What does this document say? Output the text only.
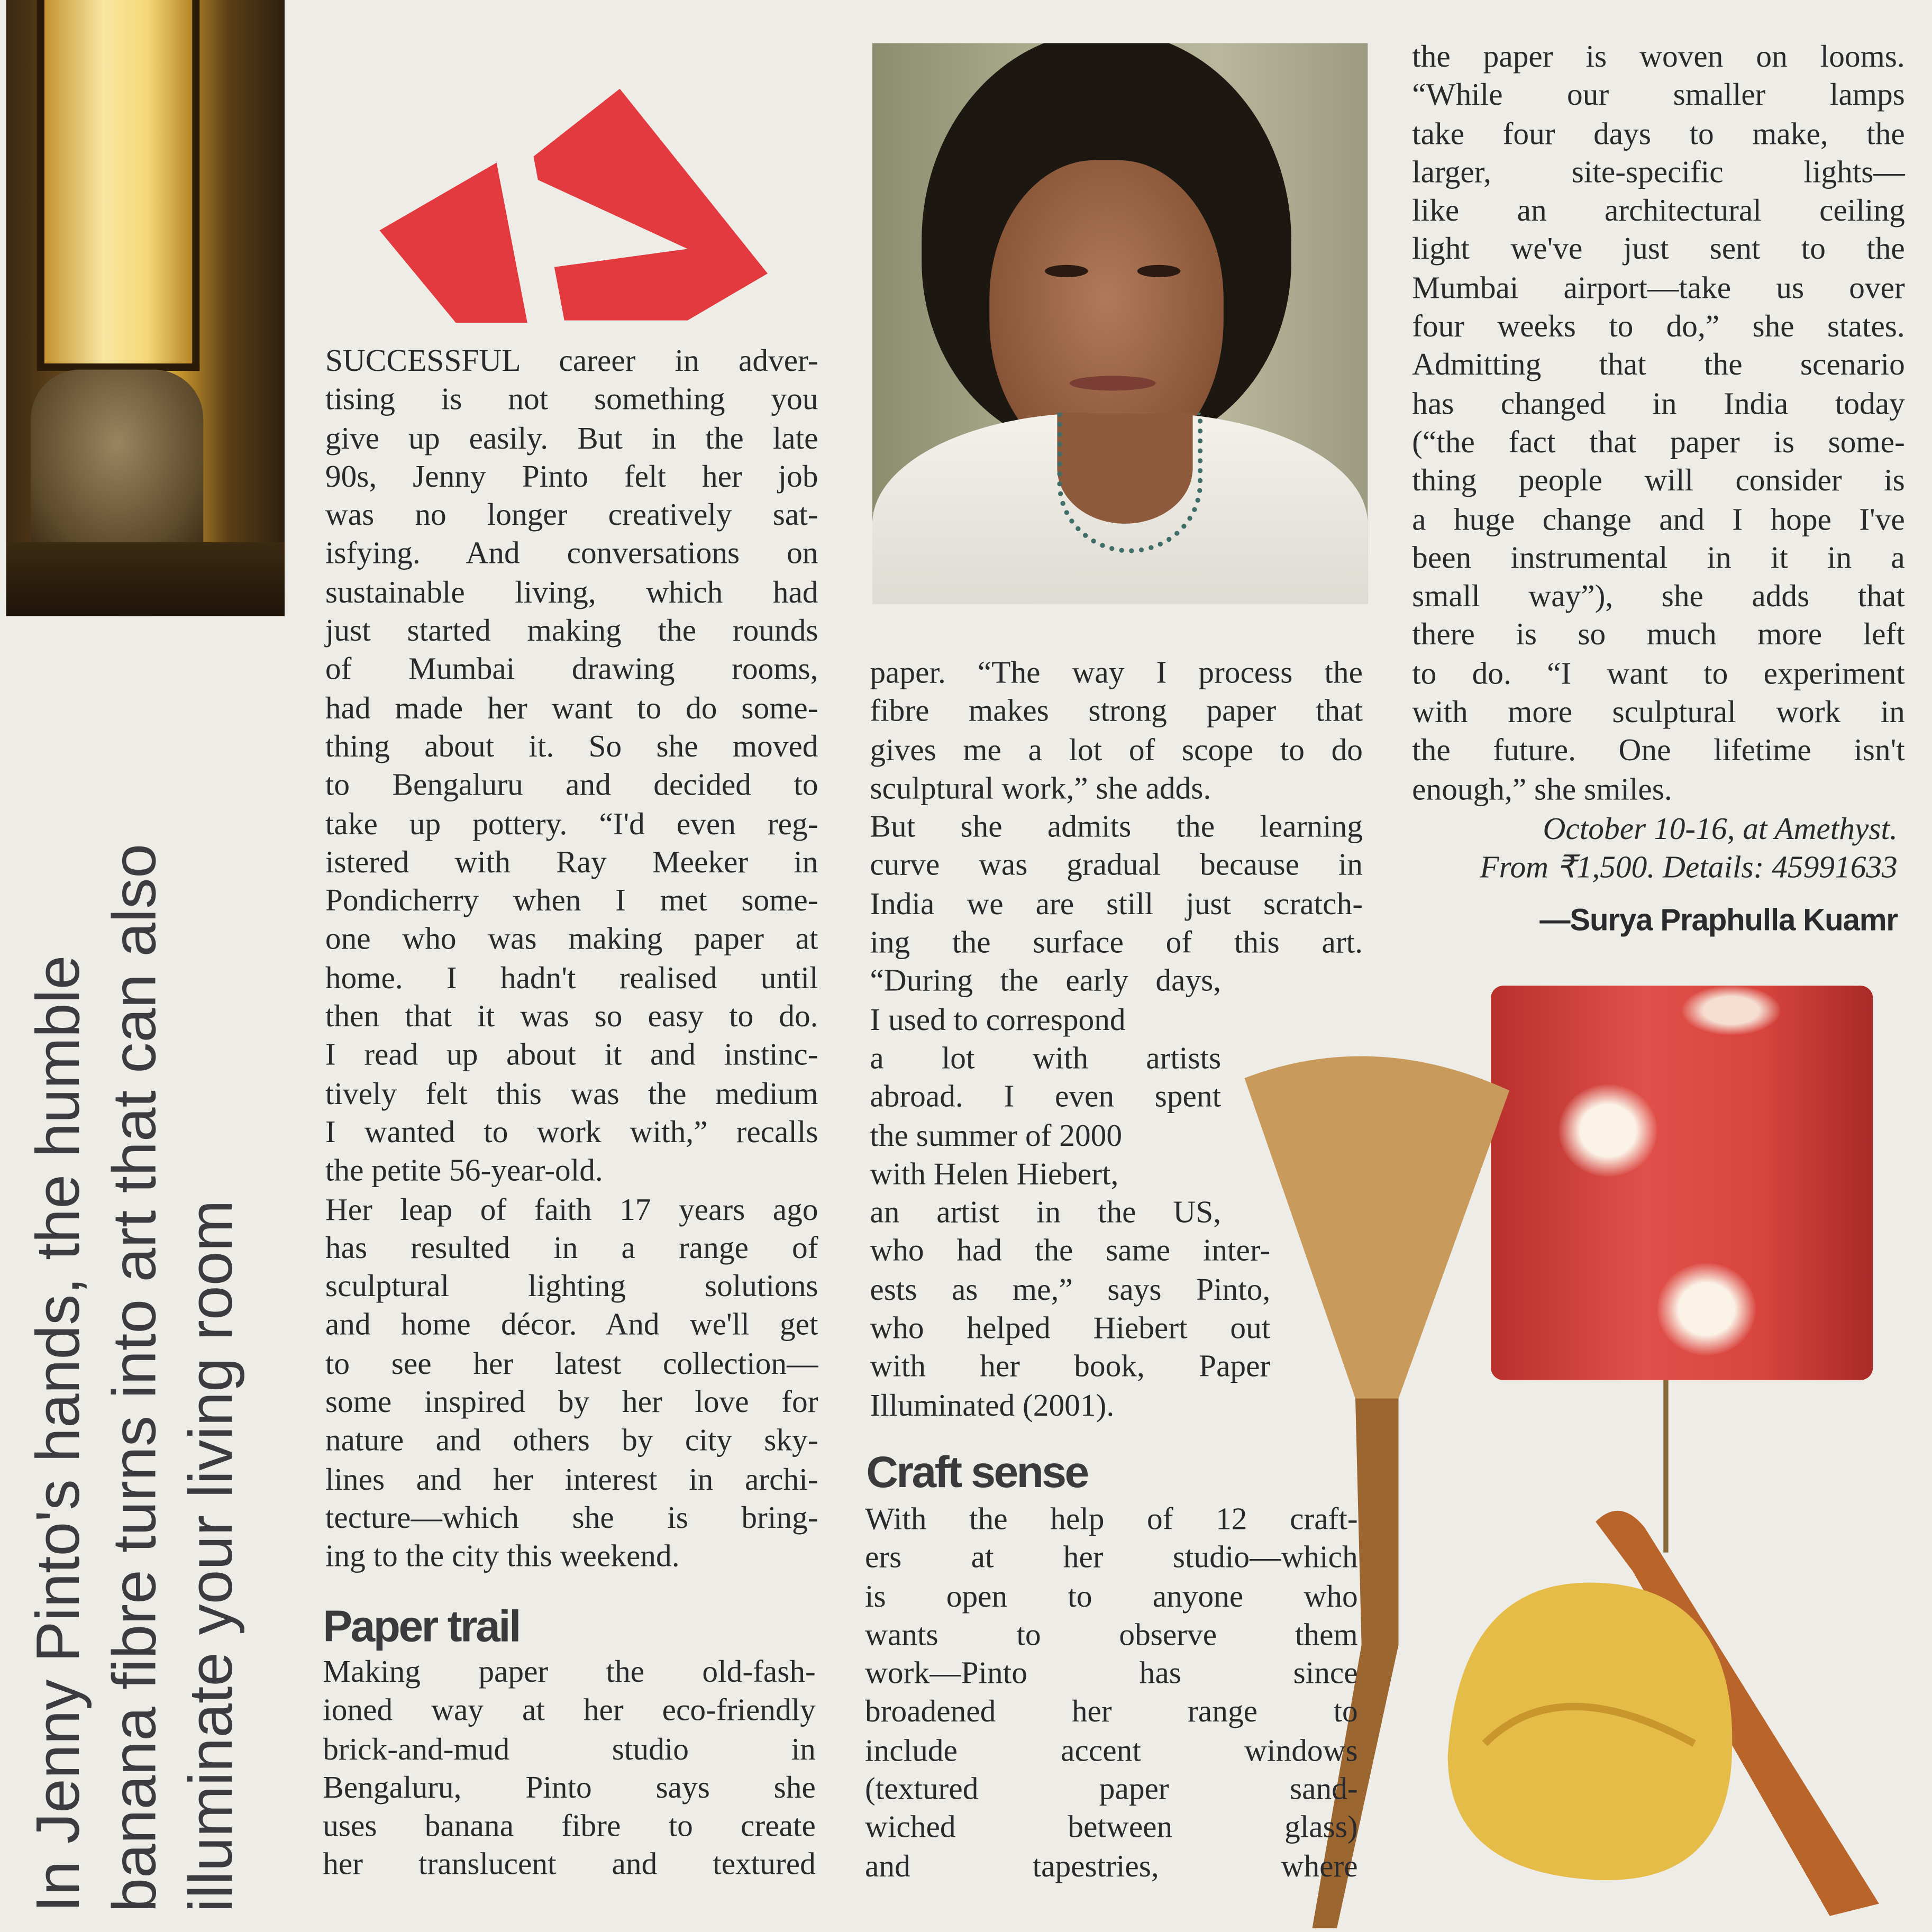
In Jenny Pinto's hands, the humble banana fibre turns into art that can also illuminate your living room
SUCCESSFUL career in adver-
tising is not something you
give up easily. But in the late
90s, Jenny Pinto felt her job
was no longer creatively sat-
isfying. And conversations on
sustainable living, which had
just started making the rounds
of Mumbai drawing rooms,
had made her want to do some-
thing about it. So she moved
to Bengaluru and decided to
take up pottery. “I'd even reg-
istered with Ray Meeker in
Pondicherry when I met some-
one who was making paper at
home. I hadn't realised until
then that it was so easy to do.
I read up about it and instinc-
tively felt this was the medium
I wanted to work with,” recalls
the petite 56-year-old.
Her leap of faith 17 years ago
has resulted in a range of
sculptural lighting solutions
and home décor. And we'll get
to see her latest collection—
some inspired by her love for
nature and others by city sky-
lines and her interest in archi-
tecture—which she is bring-
ing to the city this weekend.
Paper trail
Making paper the old-fash-
ioned way at her eco-friendly
brick-and-mud studio in
Bengaluru, Pinto says she
uses banana fibre to create
her translucent and textured
paper. “The way I process the
fibre makes strong paper that
gives me a lot of scope to do
sculptural work,” she adds.
But she admits the learning
curve was gradual because in
India we are still just scratch-
ing the surface of this art.
“During the early days,
I used to correspond
a lot with artists
abroad. I even spent
the summer of 2000
with Helen Hiebert,
an artist in the US,
who had the same inter-
ests as me,” says Pinto,
who helped Hiebert out
with her book, Paper
Illuminated (2001).
Craft sense
With the help of 12 craft-
ers at her studio—which
is open to anyone who
wants to observe them
work—Pinto has since
broadened her range to
include accent windows
(textured paper sand-
wiched between glass)
and tapestries, where
the paper is woven on looms.
“While our smaller lamps
take four days to make, the
larger, site-specific lights—
like an architectural ceiling
light we've just sent to the
Mumbai airport—take us over
four weeks to do,” she states.
Admitting that the scenario
has changed in India today
(“the fact that paper is some-
thing people will consider is
a huge change and I hope I've
been instrumental in it in a
small way”), she adds that
there is so much more left
to do. “I want to experiment
with more sculptural work in
the future. One lifetime isn't
enough,” she smiles.
October 10-16, at Amethyst.
From ₹1,500. Details: 45991633
—Surya Praphulla Kuamr
